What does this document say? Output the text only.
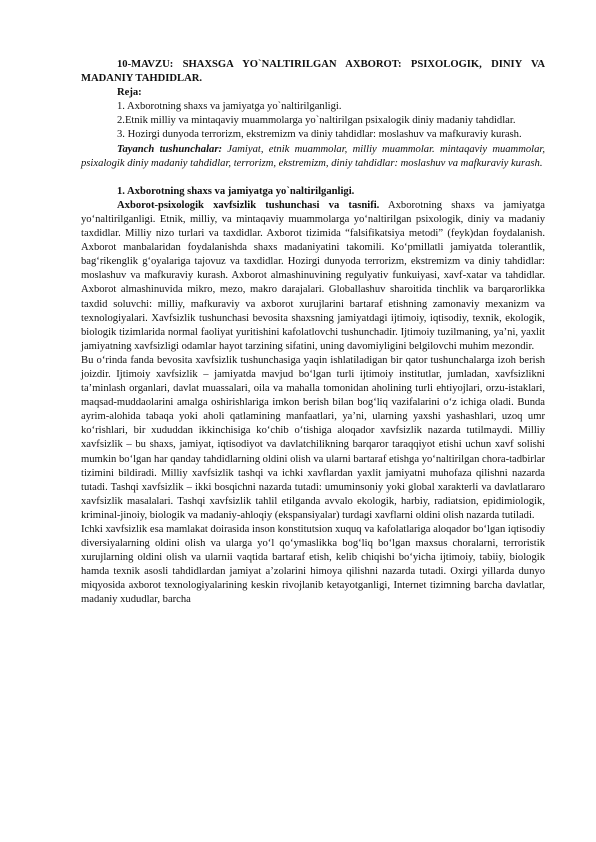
10-MAVZU: SHAXSGA YO`NALTIRILGAN AXBOROT: PSIXOLOGIK, DINIY VA MADANIY TAHDIDLAR.

Reja:

1. Axborotning shaxs va jamiyatga yo`naltirilganligi.

2.Etnik milliy va mintaqaviy muammolarga yo`naltirilgan psixalogik diniy madaniy tahdidlar.

3. Hozirgi dunyoda terrorizm, ekstremizm va diniy tahdidlar: moslashuv va mafkuraviy kurash.

Tayanch tushunchalar: Jamiyat, etnik muammolar, milliy muammolar. mintaqaviy muammolar, psixalogik diniy madaniy tahdidlar, terrorizm, ekstremizm, diniy tahdidlar: moslashuv va mafkuraviy kurash.

1. Axborotning shaxs va jamiyatga yo`naltirilganligi.

Axborot-psixologik xavfsizlik tushunchasi va tasnifi. Axborotning shaxs va jamiyatga yo‘naltirilganligi. Etnik, milliy, va mintaqaviy muammolarga yo‘naltirilgan psixologik, diniy va madaniy taxdidlar. Milliy nizo turlari va taxdidlar. Axborot tizimida “falsifikatsiya metodi” (feyk)dan foydalanish. Axborot manbalaridan foydalanishda shaxs madaniyatini takomili. Ko‘pmillatli jamiyatda tolerantlik, bag‘rikenglik g‘oyalariga tajovuz va taxdidlar. Hozirgi dunyoda terrorizm, ekstremizm va diniy tahdidlar: moslashuv va mafkuraviy kurash. Axborot almashinuvining regulyativ funkuiyasi, xavf-xatar va tahdidlar. Axborot almashinuvida mikro, mezo, makro darajalari. Globallashuv sharoitida tinchlik va barqarorlikka taxdid soluvchi: milliy, mafkuraviy va axborot xurujlarini bartaraf etishning zamonaviy mexanizm va texnologiyalari. Xavfsizlik tushunchasi bevosita shaxsning jamiyatdagi ijtimoiy, iqtisodiy, texnik, ekologik, biologik tizimlarida normal faoliyat yuritishini kafolatlovchi tushunchadir. Ijtimoiy tuzilmaning, ya’ni, yaxlit jamiyatning xavfsizligi odamlar hayot tarzining sifatini, uning davomiyligini belgilovchi muhim mezondir.

Bu o‘rinda fanda bevosita xavfsizlik tushunchasiga yaqin ishlatiladigan bir qator tushunchalarga izoh berish joizdir. Ijtimoiy xavfsizlik – jamiyatda mavjud bo‘lgan turli ijtimoiy institutlar, jumladan, xavfsizlikni ta’minlash organlari, davlat muassalari, oila va mahalla tomonidan aholining turli ehtiyojlari, orzu-istaklari, maqsad-muddaolarini amalga oshirishlariga imkon berish bilan bog‘liq vazifalarini o‘z ichiga oladi. Bunda ayrim-alohida tabaqa yoki aholi qatlamining manfaatlari, ya’ni, ularning yaxshi yashashlari, uzoq umr ko‘rishlari, bir xududdan ikkinchisiga ko‘chib o‘tishiga aloqador xavfsizlik nazarda tutilmaydi. Milliy xavfsizlik – bu shaxs, jamiyat, iqtisodiyot va davlatchilikning barqaror taraqqiyot etishi uchun xavf solishi mumkin bo‘lgan har qanday tahdidlarning oldini olish va ularni bartaraf etishga yo‘naltirilgan chora-tadbirlar tizimini bildiradi. Milliy xavfsizlik tashqi va ichki xavflardan yaxlit jamiyatni muhofaza qilishni nazarda tutadi. Tashqi xavfsizlik – ikki bosqichni nazarda tutadi: umuminsoniy yoki global xarakterli va davlatlararo xavfsizlik masalalari. Tashqi xavfsizlik tahlil etilganda avvalo ekologik, harbiy, radiatsion, epidimiologik, kriminal-jinoiy, biologik va madaniy-ahloqiy (ekspansiyalar) turdagi xavflarni oldini olish nazarda tutiladi.

Ichki xavfsizlik esa mamlakat doirasida inson konstitutsion xuquq va kafolatlariga aloqador bo‘lgan iqtisodiy diversiyalarning oldini olish va ularga yo‘l qo‘ymaslikka bog‘liq bo‘lgan maxsus choralarni, terroristik xurujlarning oldini olish va ularnii vaqtida bartaraf etish, kelib chiqishi bo‘yicha ijtimoiy, tabiiy, biologik hamda texnik asosli tahdidlardan jamiyat a’zolarini himoya qilishni nazarda tutadi. Oxirgi yillarda dunyo miqyosida axborot texnologiyalarining keskin rivojlanib ketayotganligi, Internet tizimning barcha davlatlar, madaniy xududlar, barcha
